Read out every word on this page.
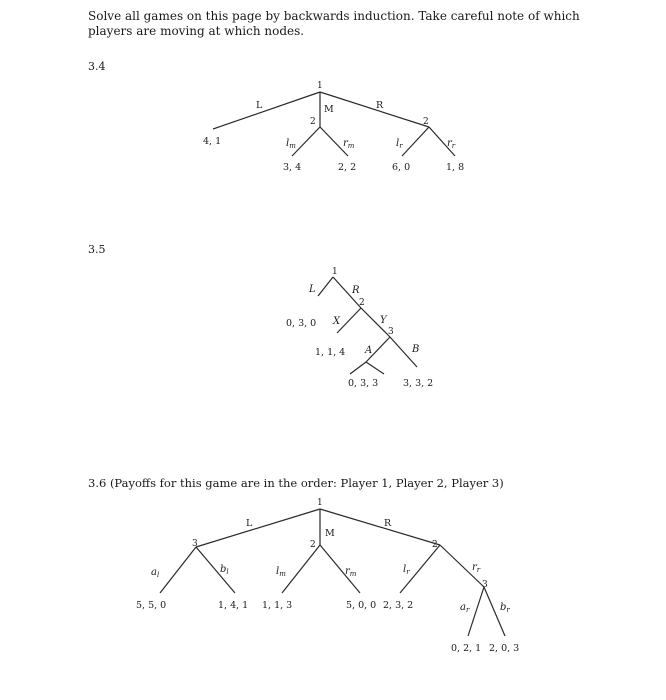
Solve all games on this page by backwards induction. Take careful note of which players are moving at which nodes.
3.4
3.5
3.6 (Payoffs for this game are in the order: Player 1, Player 2, Player 3)
1
2	2
L	M	R
$l_m$	$r_m$	$l_r$	$r_r$
4, 1
3, 4	2, 2	6, 0	1, 8
1
2
3
L	R
X	Y
A	B
0, 3, 0
1, 1, 4
0, 3, 3	3, 3, 2
1
3	2	2
3
L
M
R
$a_l$	$b_l$	$l_m$	$r_m$	$l_r$	$r_r$
$a_r$	$b_r$
5, 5, 0	1, 4, 1 1, 1, 3	5, 0, 0 2, 3, 2
0, 2, 1 2, 0, 3
